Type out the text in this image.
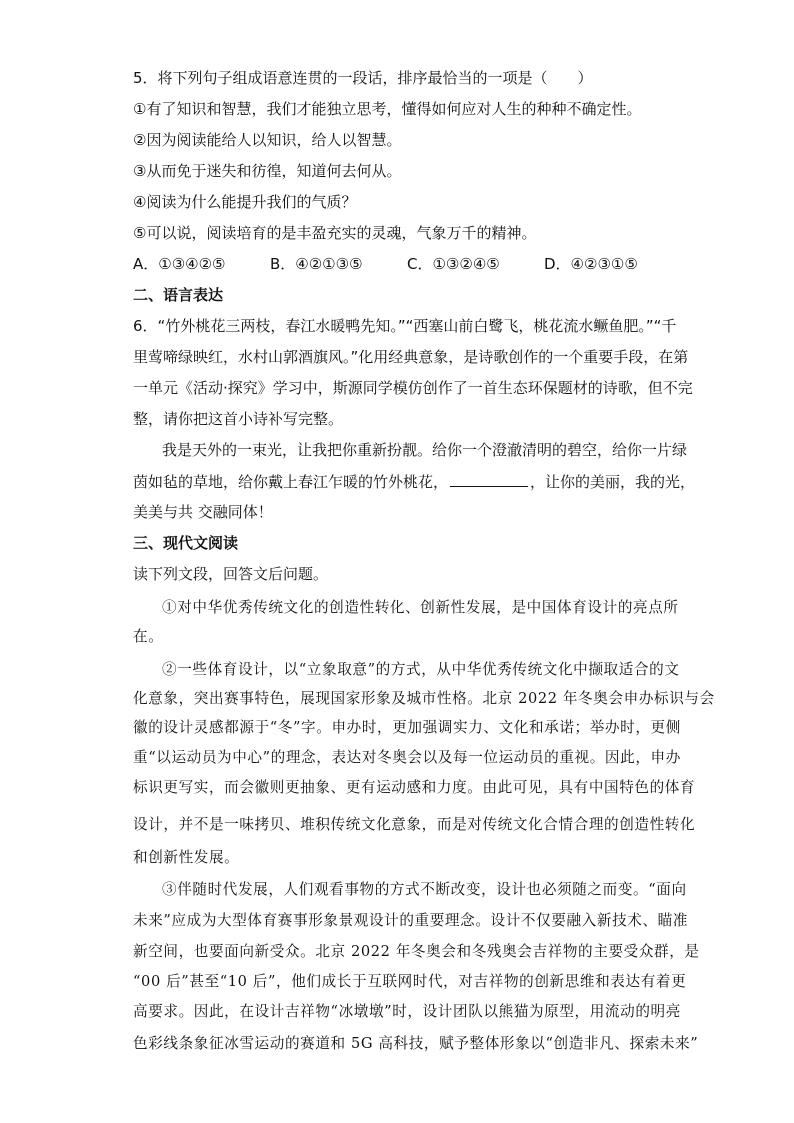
5．将下列句子组成语意连贯的一段话，排序最恰当的一项是（　　）
①有了知识和智慧，我们才能独立思考，懂得如何应对人生的种种不确定性。
②因为阅读能给人以知识，给人以智慧。
③从而免于迷失和彷徨，知道何去何从。
④阅读为什么能提升我们的气质？
⑤可以说，阅读培育的是丰盈充实的灵魂，气象万千的精神。
A．①③④②⑤	B．④②①③⑤	C．①③②④⑤	D．④②③①⑤
二、语言表达
6．“竹外桃花三两枝，春江水暖鸭先知。”“西塞山前白鹭飞，桃花流水鳜鱼肥。”“千
里莺啼绿映红，水村山郭酒旗风。”化用经典意象，是诗歌创作的一个重要手段，在第
一单元《活动·探究》学习中，斯源同学模仿创作了一首生态环保题材的诗歌，但不完
整，请你把这首小诗补写完整。
我是天外的一束光，让我把你重新扮靓。给你一个澄澈清明的碧空，给你一片绿
茵如毡的草地，给你戴上春江乍暖的竹外桃花，	，让你的美丽，我的光，
美美与共 交融同体！
三、现代文阅读
读下列文段，回答文后问题。
①对中华优秀传统文化的创造性转化、创新性发展，是中国体育设计的亮点所
在。
②一些体育设计，以“立象取意”的方式，从中华优秀传统文化中撷取适合的文
化意象，突出赛事特色，展现国家形象及城市性格。北京 2022 年冬奥会申办标识与会
徽的设计灵感都源于“冬”字。申办时，更加强调实力、文化和承诺；举办时，更侧
重“以运动员为中心”的理念，表达对冬奥会以及每一位运动员的重视。因此，申办
标识更写实，而会徽则更抽象、更有运动感和力度。由此可见，具有中国特色的体育
设计，并不是一味拷贝、堆积传统文化意象，而是对传统文化合情合理的创造性转化
和创新性发展。
③伴随时代发展，人们观看事物的方式不断改变，设计也必须随之而变。“面向
未来”应成为大型体育赛事形象景观设计的重要理念。设计不仅要融入新技术、瞄准
新空间，也要面向新受众。北京 2022 年冬奥会和冬残奥会吉祥物的主要受众群，是
“00 后”甚至“10 后”，他们成长于互联网时代，对吉祥物的创新思维和表达有着更
高要求。因此，在设计吉祥物“冰墩墩”时，设计团队以熊猫为原型，用流动的明亮
色彩线条象征冰雪运动的赛道和 5G 高科技，赋予整体形象以“创造非凡、探索未来”
